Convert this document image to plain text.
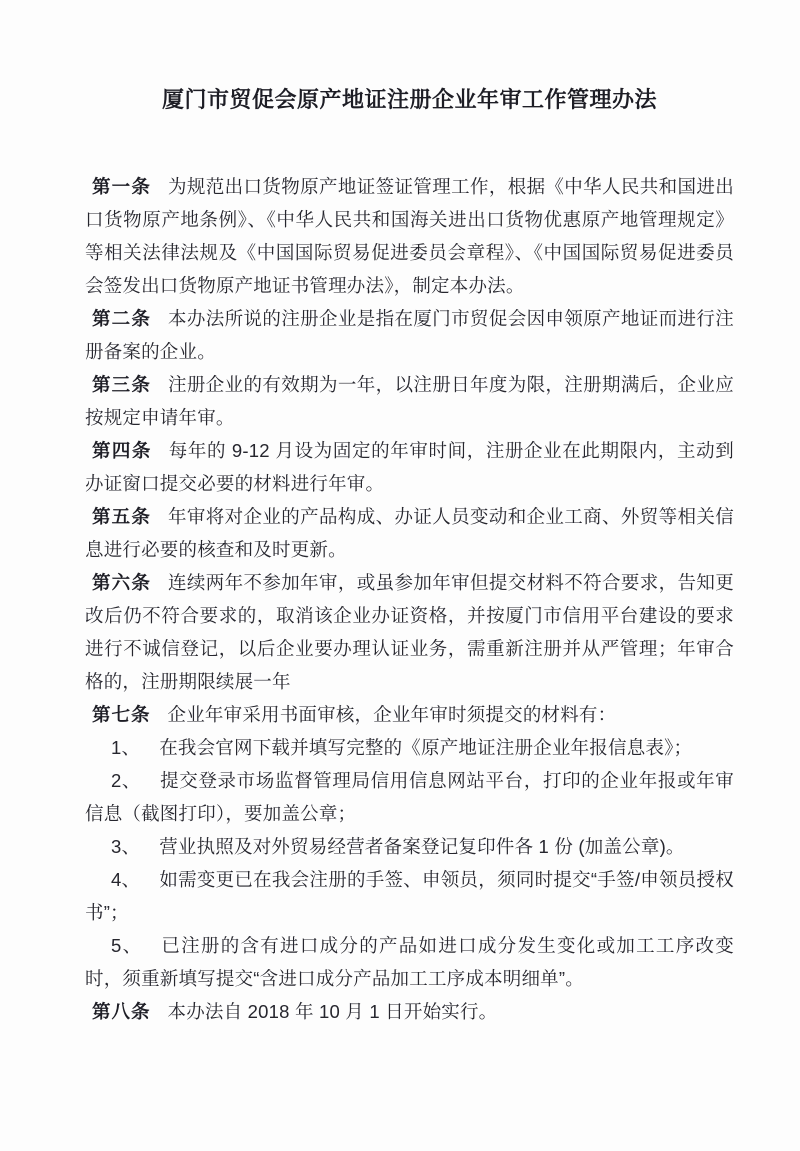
厦门市贸促会原产地证注册企业年审工作管理办法

第一条 为规范出口货物原产地证签证管理工作，根据《中华人民共和国进出口货物原产地条例》、《中华人民共和国海关进出口货物优惠原产地管理规定》等相关法律法规及《中国国际贸易促进委员会章程》、《中国国际贸易促进委员会签发出口货物原产地证书管理办法》，制定本办法。

第二条 本办法所说的注册企业是指在厦门市贸促会因申领原产地证而进行注册备案的企业。

第三条 注册企业的有效期为一年，以注册日年度为限，注册期满后，企业应按规定申请年审。

第四条 每年的 9-12 月设为固定的年审时间，注册企业在此期限内，主动到办证窗口提交必要的材料进行年审。

第五条 年审将对企业的产品构成、办证人员变动和企业工商、外贸等相关信息进行必要的核查和及时更新。

第六条 连续两年不参加年审，或虽参加年审但提交材料不符合要求，告知更改后仍不符合要求的，取消该企业办证资格，并按厦门市信用平台建设的要求进行不诚信登记，以后企业要办理认证业务，需重新注册并从严管理；年审合格的，注册期限续展一年

第七条 企业年审采用书面审核，企业年审时须提交的材料有：

1、 在我会官网下载并填写完整的《原产地证注册企业年报信息表》；

2、 提交登录市场监督管理局信用信息网站平台，打印的企业年报或年审信息（截图打印），要加盖公章；

3、 营业执照及对外贸易经营者备案登记复印件各 1 份 (加盖公章)。

4、 如需变更已在我会注册的手签、申领员，须同时提交“手签/申领员授权书”；

5、 已注册的含有进口成分的产品如进口成分发生变化或加工工序改变时，须重新填写提交“含进口成分产品加工工序成本明细单”。

第八条 本办法自 2018 年 10 月 1 日开始实行。
